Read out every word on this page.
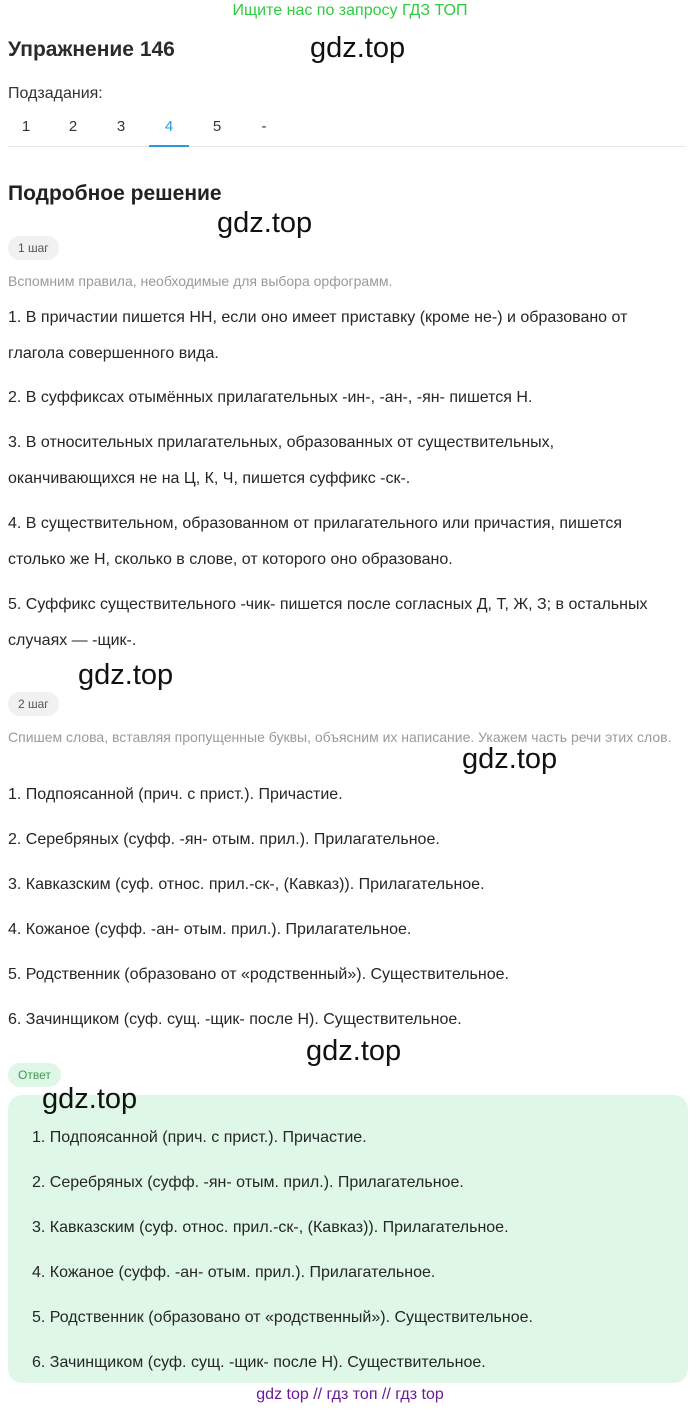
Ищите нас по запросу ГДЗ ТОП
Упражнение 146	gdz.top
Подзадания:
1	2	3	4	5	-
Подробное решение
gdz.top
1 шаг
Вспомним правила, необходимые для выбора орфограмм.
1. В причастии пишется НН, если оно имеет приставку (кроме не-) и образовано от глагола совершенного вида.
2. В суффиксах отымённых прилагательных -ин-, -ан-, -ян- пишется Н.
3. В относительных прилагательных, образованных от существительных, оканчивающихся не на Ц, К, Ч, пишется суффикс -ск-.
4. В существительном, образованном от прилагательного или причастия, пишется столько же Н, сколько в слове, от которого оно образовано.
5. Суффикс существительного -чик- пишется после согласных Д, Т, Ж, З; в остальных случаях — -щик-.
gdz.top
2 шаг
Спишем слова, вставляя пропущенные буквы, объясним их написание. Укажем часть речи этих слов.
gdz.top
1. Подпоясанной (прич. с прист.). Причастие.
2. Серебряных (суфф. -ян- отым. прил.). Прилагательное.
3. Кавказским (суф. относ. прил.-ск-, (Кавказ)). Прилагательное.
4. Кожаное (суфф. -ан- отым. прил.). Прилагательное.
5. Родственник (образовано от «родственный»). Существительное.
6. Зачинщиком (суф. сущ. -щик- после Н). Существительное.
gdz.top
Ответ
gdz.top
1. Подпоясанной (прич. с прист.). Причастие.
2. Серебряных (суфф. -ян- отым. прил.). Прилагательное.
3. Кавказским (суф. относ. прил.-ск-, (Кавказ)). Прилагательное.
4. Кожаное (суфф. -ан- отым. прил.). Прилагательное.
5. Родственник (образовано от «родственный»). Существительное.
6. Зачинщиком (суф. сущ. -щик- после Н). Существительное.
gdz top // гдз топ // гдз top
